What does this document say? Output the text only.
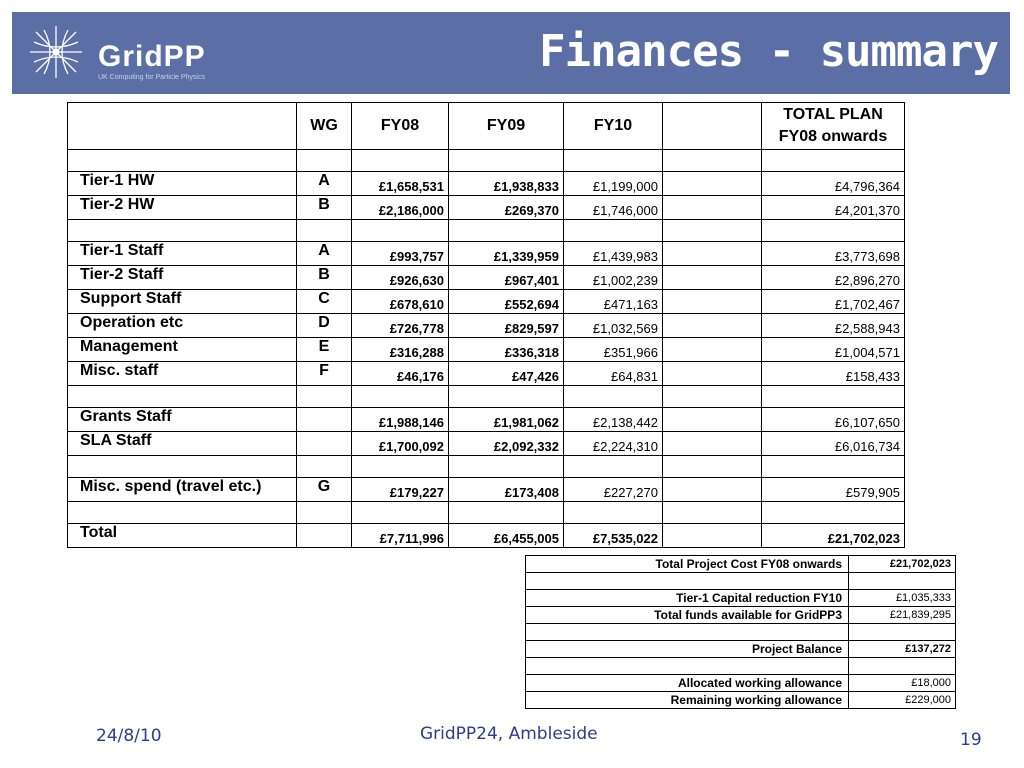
GridPP
UK Computing for Particle Physics
Finances - summary
	WG	FY08	FY09	FY10		TOTAL PLAN
FY08 onwards

Tier-1 HW	A	£1,658,531	£1,938,833	£1,199,000		£4,796,364
Tier-2 HW	B	£2,186,000	£269,370	£1,746,000		£4,201,370

Tier-1 Staff	A	£993,757	£1,339,959	£1,439,983		£3,773,698
Tier-2 Staff	B	£926,630	£967,401	£1,002,239		£2,896,270
Support Staff	C	£678,610	£552,694	£471,163		£1,702,467
Operation etc	D	£726,778	£829,597	£1,032,569		£2,588,943
Management	E	£316,288	£336,318	£351,966		£1,004,571
Misc. staff	F	£46,176	£47,426	£64,831		£158,433

Grants Staff		£1,988,146	£1,981,062	£2,138,442		£6,107,650
SLA Staff		£1,700,092	£2,092,332	£2,224,310		£6,016,734

Misc. spend (travel etc.)	G	£179,227	£173,408	£227,270		£579,905

Total		£7,711,996	£6,455,005	£7,535,022		£21,702,023
Total Project Cost FY08 onwards	£21,702,023

Tier-1 Capital reduction FY10	£1,035,333
Total funds available for GridPP3	£21,839,295

Project Balance	£137,272

Allocated working allowance	£18,000
Remaining working allowance	£229,000
24/8/10	GridPP24, Ambleside	19
